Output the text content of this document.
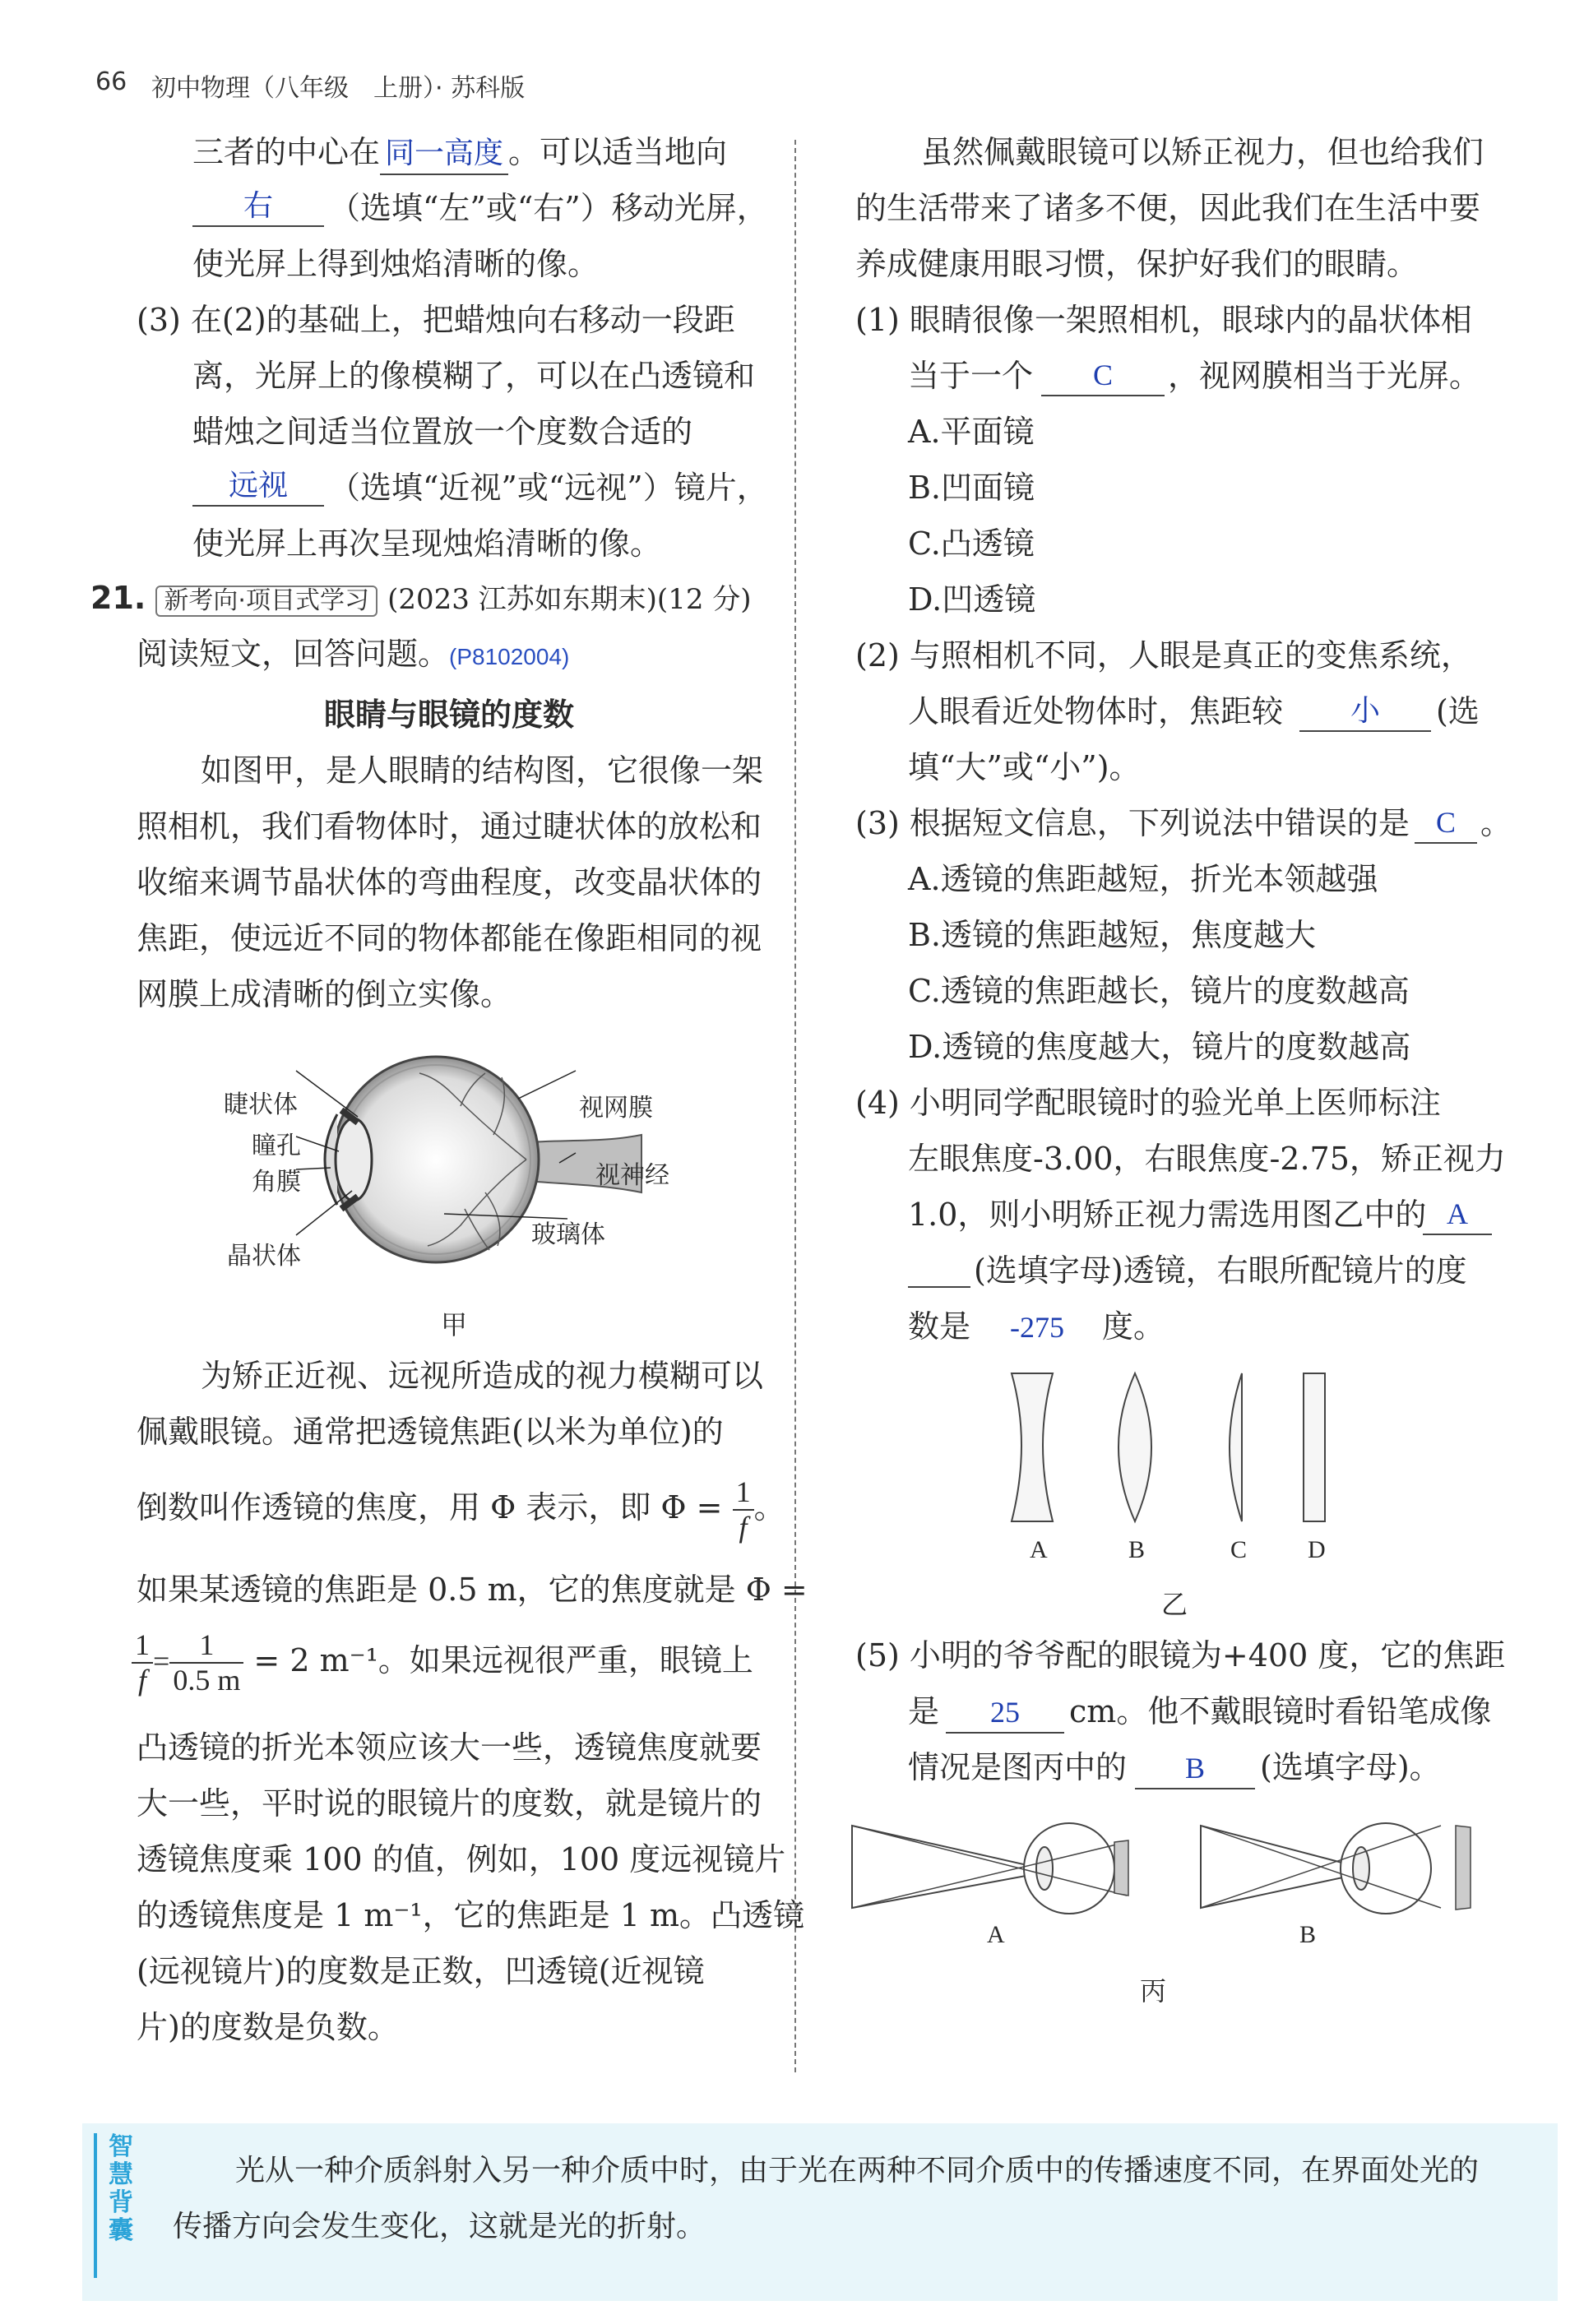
66 初中物理（八年级　上册）· 苏科版
三者的中心在 同一高度 。可以适当地向
右	（选填“左”或“右”）移动光屏，
使光屏上得到烛焰清晰的像。
(3) 在(2)的基础上，把蜡烛向右移动一段距
离，光屏上的像模糊了，可以在凸透镜和
蜡烛之间适当位置放一个度数合适的
远视	（选填“近视”或“远视”）镜片，
使光屏上再次呈现烛焰清晰的像。
21. 新考向·项目式学习 (2023 江苏如东期末)(12 分)
阅读短文，回答问题。(P8102004)
眼睛与眼镜的度数
如图甲，是人眼睛的结构图，它很像一架
照相机，我们看物体时，通过睫状体的放松和
收缩来调节晶状体的弯曲程度，改变晶状体的
焦距，使远近不同的物体都能在像距相同的视
网膜上成清晰的倒立实像。
睫状体
瞳孔
角膜
晶状体
视网膜
视神经
玻璃体
甲
为矫正近视、远视所造成的视力模糊可以
佩戴眼镜。通常把透镜焦距(以米为单位)的
倒数叫作透镜的焦度，用 Φ 表示，即 $\Phi = \frac{1}{f}$ 。
如果某透镜的焦距是 0.5 m，它的焦度就是 Φ =
$\frac{1}{f} = \frac{1}{0.5 m} = 2$ m⁻¹。如果远视很严重，眼镜上
凸透镜的折光本领应该大一些，透镜焦度就要
大一些，平时说的眼镜片的度数，就是镜片的
透镜焦度乘 100 的值，例如，100 度远视镜片
的透镜焦度是 1 m⁻¹，它的焦距是 1 m。凸透镜
(远视镜片)的度数是正数，凹透镜(近视镜
片)的度数是负数。
虽然佩戴眼镜可以矫正视力，但也给我们
的生活带来了诸多不便，因此我们在生活中要
养成健康用眼习惯，保护好我们的眼睛。
(1) 眼睛很像一架照相机，眼球内的晶状体相
当于一个	C	，视网膜相当于光屏。
A.平面镜
B.凹面镜
C.凸透镜
D.凹透镜
(2) 与照相机不同，人眼是真正的变焦系统，
人眼看近处物体时，焦距较	小	(选
填“大”或“小”)。
(3) 根据短文信息，下列说法中错误的是 C 。
A.透镜的焦距越短，折光本领越强
B.透镜的焦距越短，焦度越大
C.透镜的焦距越长，镜片的度数越高
D.透镜的焦度越大，镜片的度数越高
(4) 小明同学配眼镜时的验光单上医师标注
左眼焦度-3.00，右眼焦度-2.75，矫正视力
1.0，则小明矫正视力需选用图乙中的 A
(选填字母)透镜，右眼所配镜片的度
数是	-275	度。
A	B	C D
乙
(5) 小明的爷爷配的眼镜为+400 度，它的焦距
是	25	cm。他不戴眼镜时看铅笔成像
情况是图丙中的	B	(选填字母)。
A	B
丙
智慧背囊
光从一种介质斜射入另一种介质中时，由于光在两种不同介质中的传播速度不同，在界面处光的
传播方向会发生变化，这就是光的折射。
